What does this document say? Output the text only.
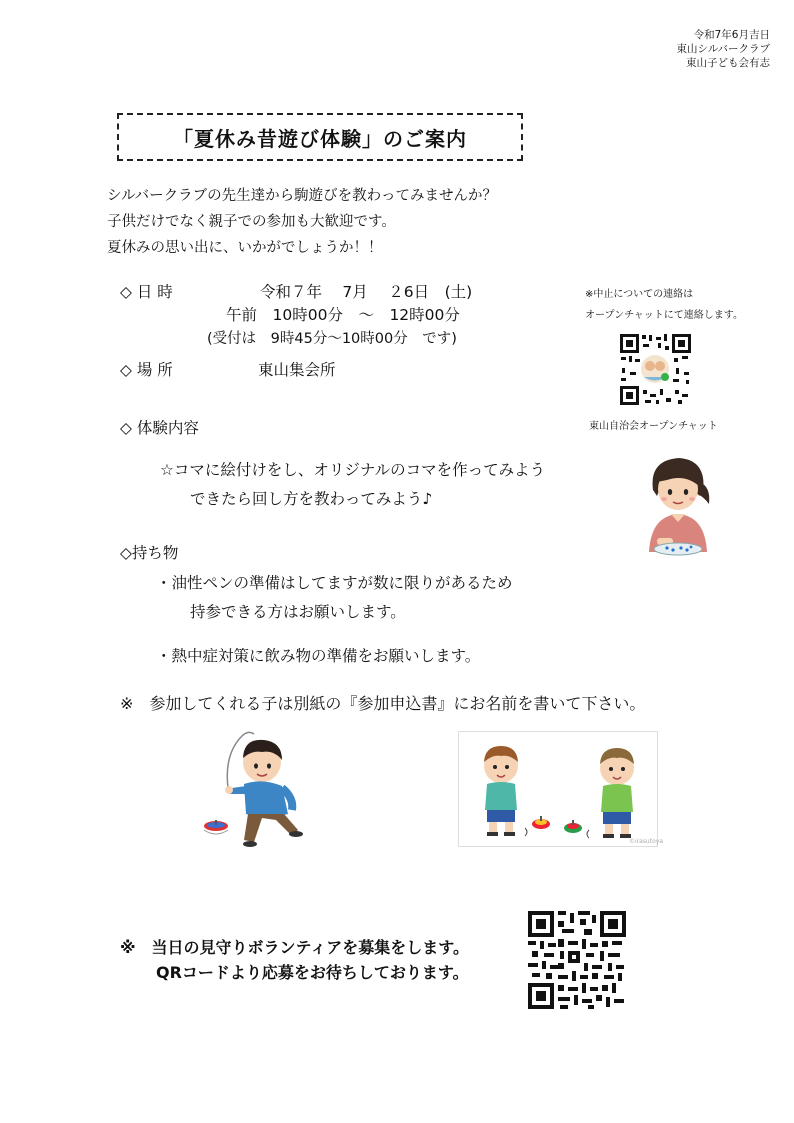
令和7年6月吉日
東山シルバークラブ
東山子ども会有志
「夏休み昔遊び体験」のご案内
シルバークラブの先生達から駒遊びを教わってみませんか？
子供だけでなく親子での参加も大歓迎です。
夏休みの思い出に、いかがでしょうか！！
◇ 日 時	令和７年　 7月　 ２6日　(土)
午前　10時00分　～　12時00分
(受付は　9時45分～10時00分　です)
◇ 場 所	東山集会所
※中止についての連絡は
オープンチャットにて連絡します。
東山自治会オープンチャット
◇ 体験内容
☆コマに絵付けをし、オリジナルのコマを作ってみよう
できたら回し方を教わってみよう♪
◇持ち物
・油性ペンの準備はしてますが数に限りがあるため
持参できる方はお願いします。
・熱中症対策に飲み物の準備をお願いします。
※　参加してくれる子は別紙の『参加申込書』にお名前を書いて下さい。
©irasutoya
※　当日の見守りボランティアを募集をします。
QRコードより応募をお待ちしております。
